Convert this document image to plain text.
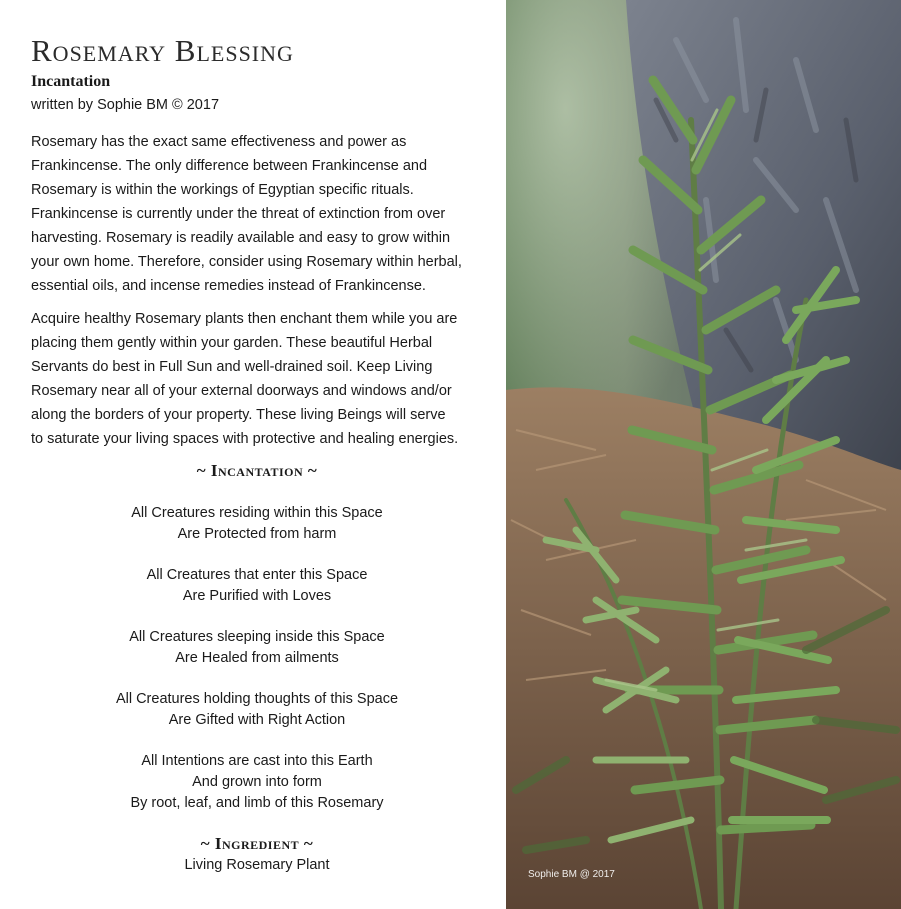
Rosemary Blessing
Incantation
written by Sophie BM © 2017
Rosemary has the exact same effectiveness and power as
Frankincense. The only difference between Frankincense and
Rosemary is within the workings of Egyptian specific rituals.
Frankincense is currently under the threat of extinction from over
harvesting. Rosemary is readily available and easy to grow within
your own home. Therefore, consider using Rosemary within herbal,
essential oils, and incense remedies instead of Frankincense.
Acquire healthy Rosemary plants then enchant them while you are
placing them gently within your garden. These beautiful Herbal
Servants do best in Full Sun and well-drained soil. Keep Living
Rosemary near all of your external doorways and windows and/or
along the borders of your property. These living Beings will serve
to saturate your living spaces with protective and healing energies.
~ Incantation ~
All Creatures residing within this Space
Are Protected from harm
All Creatures that enter this Space
Are Purified with Loves
All Creatures sleeping inside this Space
Are Healed from ailments
All Creatures holding thoughts of this Space
Are Gifted with Right Action
All Intentions are cast into this Earth
And grown into form
By root, leaf, and limb of this Rosemary
~ Ingredient ~
Living Rosemary Plant
Sophie BM @ 2017
